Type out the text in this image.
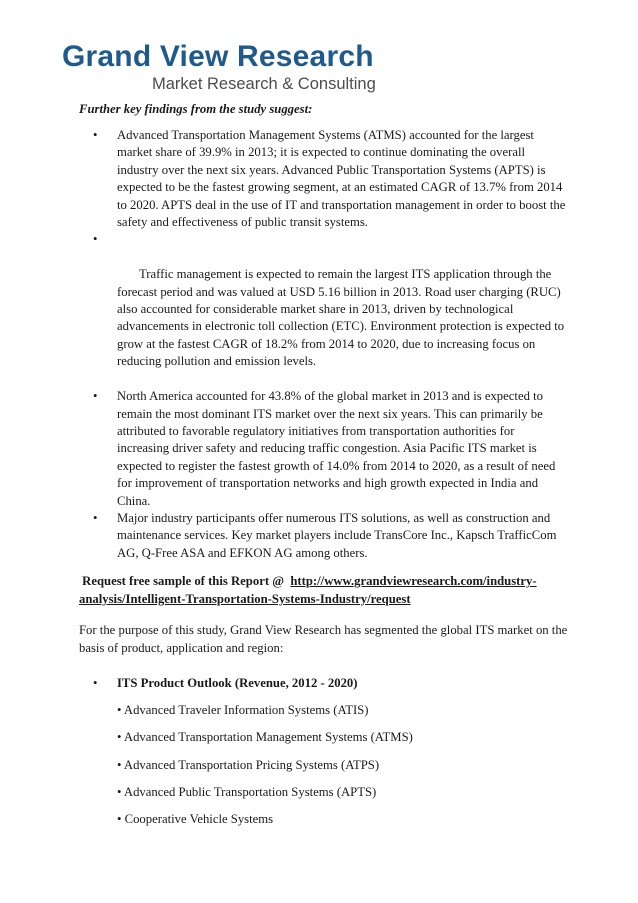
Grand View Research
Market Research & Consulting
Further key findings from the study suggest:
• Advanced Transportation Management Systems (ATMS) accounted for the largest market share of 39.9% in 2013; it is expected to continue dominating the overall industry over the next six years. Advanced Public Transportation Systems (APTS) is expected to be the fastest growing segment, at an estimated CAGR of 13.7% from 2014 to 2020. APTS deal in the use of IT and transportation management in order to boost the safety and effectiveness of public transit systems.

•

Traffic management is expected to remain the largest ITS application through the forecast period and was valued at USD 5.16 billion in 2013. Road user charging (RUC) also accounted for considerable market share in 2013, driven by technological advancements in electronic toll collection (ETC). Environment protection is expected to grow at the fastest CAGR of 18.2% from 2014 to 2020, due to increasing focus on reducing pollution and emission levels.

• North America accounted for 43.8% of the global market in 2013 and is expected to remain the most dominant ITS market over the next six years. This can primarily be attributed to favorable regulatory initiatives from transportation authorities for increasing driver safety and reducing traffic congestion. Asia Pacific ITS market is expected to register the fastest growth of 14.0% from 2014 to 2020, as a result of need for improvement of transportation networks and high growth expected in India and China.
• Major industry participants offer numerous ITS solutions, as well as construction and maintenance services. Key market players include TransCore Inc., Kapsch TrafficCom AG, Q-Free ASA and EFKON AG among others.
Request free sample of this Report @  http://www.grandviewresearch.com/industry-analysis/Intelligent-Transportation-Systems-Industry/request
For the purpose of this study, Grand View Research has segmented the global ITS market on the basis of product, application and region:
• ITS Product Outlook (Revenue, 2012 - 2020)
• Advanced Traveler Information Systems (ATIS)
• Advanced Transportation Management Systems (ATMS)
• Advanced Transportation Pricing Systems (ATPS)
• Advanced Public Transportation Systems (APTS)
• Cooperative Vehicle Systems
